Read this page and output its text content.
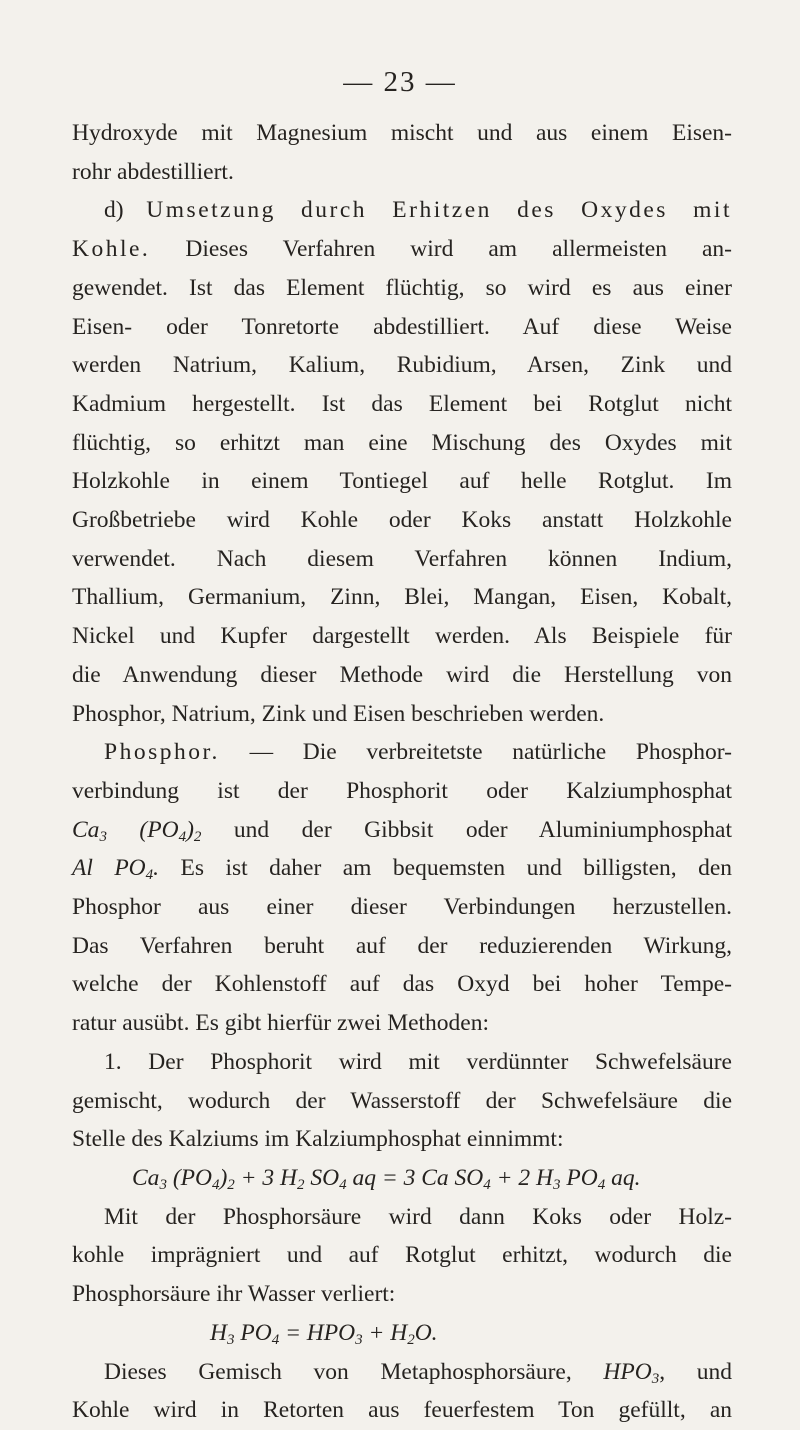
— 23 —
Hydroxyde mit Magnesium mischt und aus einem Eisen-
rohr abdestilliert.
d) Umsetzung durch Erhitzen des Oxydes mit
Kohle. Dieses Verfahren wird am allermeisten an-
gewendet. Ist das Element flüchtig, so wird es aus einer
Eisen- oder Tonretorte abdestilliert. Auf diese Weise
werden Natrium, Kalium, Rubidium, Arsen, Zink und
Kadmium hergestellt. Ist das Element bei Rotglut nicht
flüchtig, so erhitzt man eine Mischung des Oxydes mit
Holzkohle in einem Tontiegel auf helle Rotglut. Im
Großbetriebe wird Kohle oder Koks anstatt Holzkohle
verwendet. Nach diesem Verfahren können Indium,
Thallium, Germanium, Zinn, Blei, Mangan, Eisen, Kobalt,
Nickel und Kupfer dargestellt werden. Als Beispiele für
die Anwendung dieser Methode wird die Herstellung von
Phosphor, Natrium, Zink und Eisen beschrieben werden.
Phosphor. — Die verbreitetste natürliche Phosphor-
verbindung ist der Phosphorit oder Kalziumphosphat
$Ca_3$ $(PO_4)_2$ und der Gibbsit oder Aluminiumphosphat
Al $PO_4$. Es ist daher am bequemsten und billigsten, den
Phosphor aus einer dieser Verbindungen herzustellen.
Das Verfahren beruht auf der reduzierenden Wirkung,
welche der Kohlenstoff auf das Oxyd bei hoher Tempe-
ratur ausübt. Es gibt hierfür zwei Methoden:
1. Der Phosphorit wird mit verdünnter Schwefelsäure
gemischt, wodurch der Wasserstoff der Schwefelsäure die
Stelle des Kalziums im Kalziumphosphat einnimmt:
$Ca_3$ $(PO_4)_2 + 3$ $H_2$ $SO_4$ aq = 3 Ca $SO_4 + 2$ $H_3$ $PO_4$ aq.
Mit der Phosphorsäure wird dann Koks oder Holz-
kohle imprägniert und auf Rotglut erhitzt, wodurch die
Phosphorsäure ihr Wasser verliert:
$H_3$ $PO_4 = HPO_3 + H_2O$.
Dieses Gemisch von Metaphosphorsäure, $HPO_3$, und
Kohle wird in Retorten aus feuerfestem Ton gefüllt, an
